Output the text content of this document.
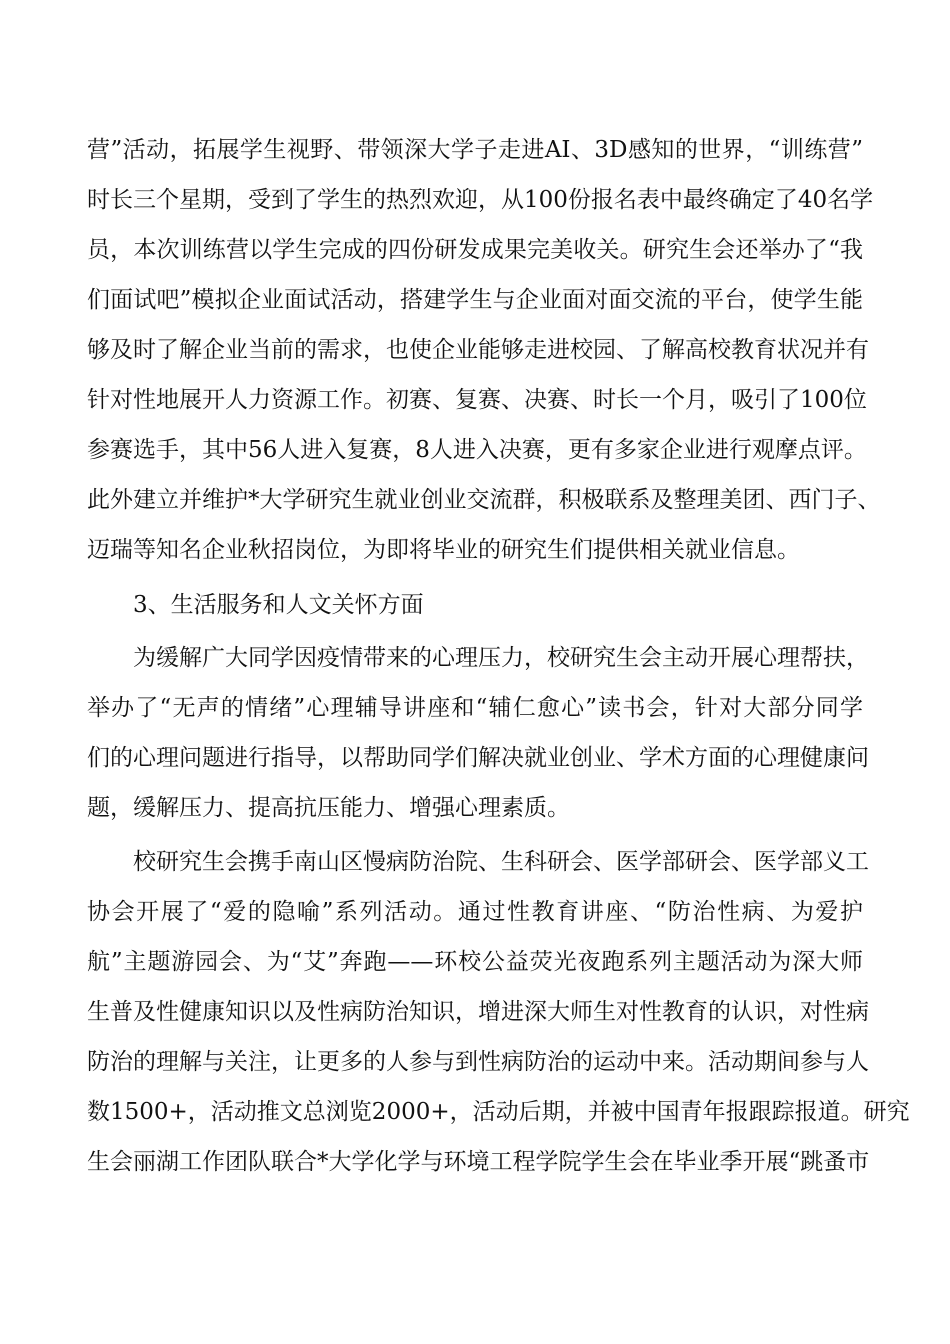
营”活动，拓展学生视野、带领深大学子走进AI、3D感知的世界，“训练营”
时长三个星期，受到了学生的热烈欢迎，从100份报名表中最终确定了40名学
员，本次训练营以学生完成的四份研发成果完美收关。研究生会还举办了“我
们面试吧”模拟企业面试活动，搭建学生与企业面对面交流的平台，使学生能
够及时了解企业当前的需求，也使企业能够走进校园、了解高校教育状况并有
针对性地展开人力资源工作。初赛、复赛、决赛、时长一个月，吸引了100位
参赛选手，其中56人进入复赛，8人进入决赛，更有多家企业进行观摩点评。
此外建立并维护*大学研究生就业创业交流群，积极联系及整理美团、西门子、
迈瑞等知名企业秋招岗位，为即将毕业的研究生们提供相关就业信息。
3、生活服务和人文关怀方面
为缓解广大同学因疫情带来的心理压力，校研究生会主动开展心理帮扶，
举办了“无声的情绪”心理辅导讲座和“辅仁愈心”读书会，针对大部分同学
们的心理问题进行指导，以帮助同学们解决就业创业、学术方面的心理健康问
题，缓解压力、提高抗压能力、增强心理素质。
校研究生会携手南山区慢病防治院、生科研会、医学部研会、医学部义工
协会开展了“爱的隐喻”系列活动。通过性教育讲座、“防治性病、为爱护
航”主题游园会、为“艾”奔跑——环校公益荧光夜跑系列主题活动为深大师
生普及性健康知识以及性病防治知识，增进深大师生对性教育的认识，对性病
防治的理解与关注，让更多的人参与到性病防治的运动中来。活动期间参与人
数1500+，活动推文总浏览2000+，活动后期，并被中国青年报跟踪报道。研究
生会丽湖工作团队联合*大学化学与环境工程学院学生会在毕业季开展“跳蚤市
